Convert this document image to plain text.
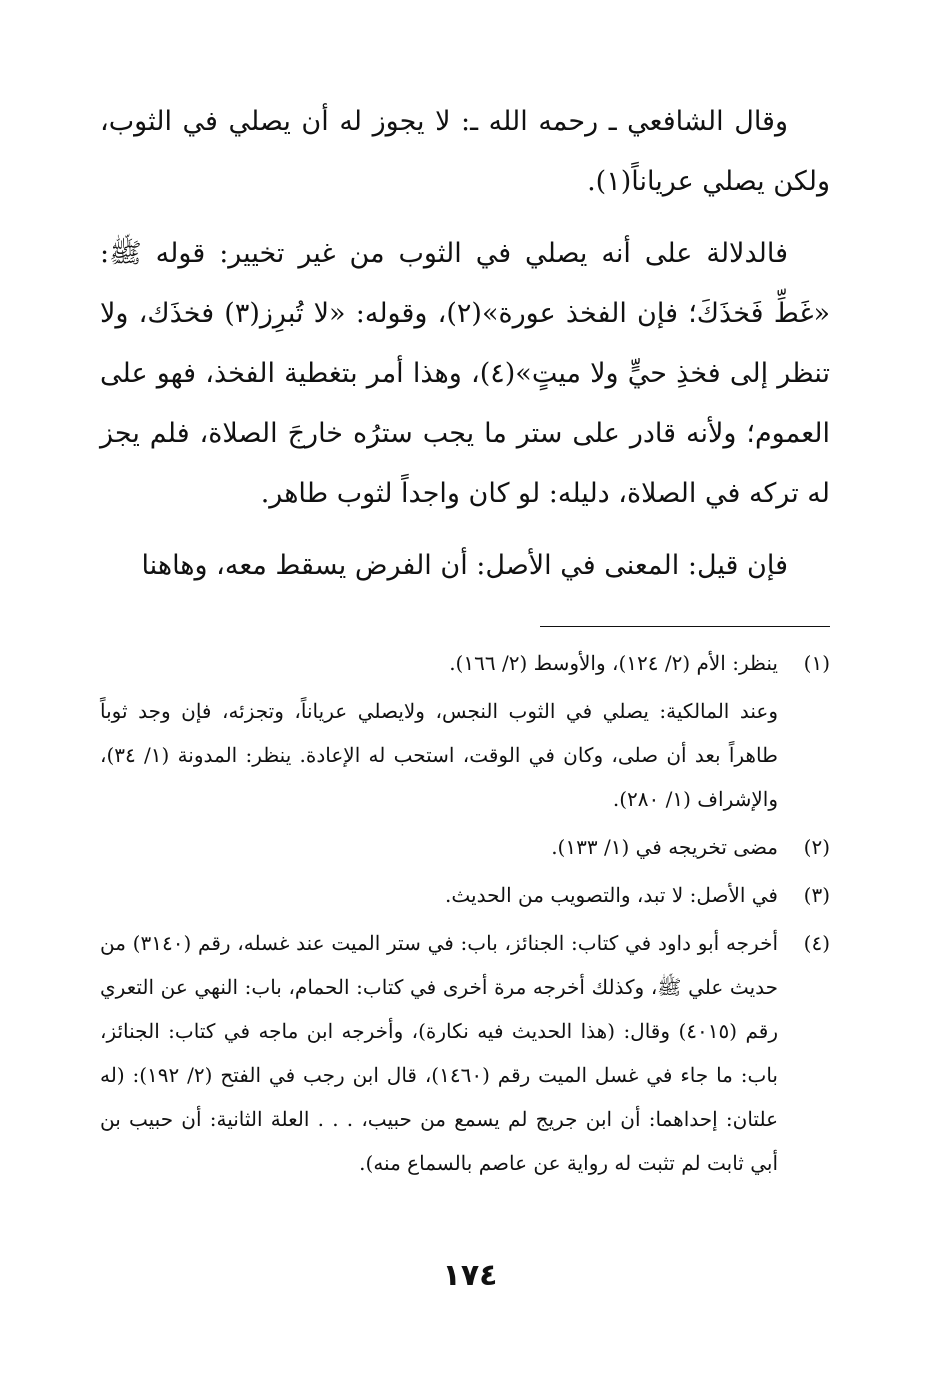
وقال الشافعي ـ رحمه الله ـ: لا يجوز له أن يصلي في الثوب، ولكن يصلي عرياناً(١).

فالدلالة على أنه يصلي في الثوب من غير تخيير: قوله ﷺ: «غَطِّ فَخذَكَ؛ فإن الفخذ عورة»(٢)، وقوله: «لا تُبرِز(٣) فخذَك، ولا تنظر إلى فخذِ حيٍّ ولا ميتٍ»(٤)، وهذا أمر بتغطية الفخذ، فهو على العموم؛ ولأنه قادر على ستر ما يجب سترُه خارجَ الصلاة، فلم يجز له تركه في الصلاة، دليله: لو كان واجداً لثوب طاهر.

فإن قيل: المعنى في الأصل: أن الفرض يسقط معه، وهاهنا

(١)
ينظر: الأم (٢/ ١٢٤)، والأوسط (٢/ ١٦٦).
وعند المالكية: يصلي في الثوب النجس، ولايصلي عرياناً، وتجزئه، فإن وجد ثوباً طاهراً بعد أن صلى، وكان في الوقت، استحب له الإعادة. ينظر: المدونة (١/ ٣٤)، والإشراف (١/ ٢٨٠).
(٢)
مضى تخريجه في (١/ ١٣٣).
(٣)
في الأصل: لا تبد، والتصويب من الحديث.
(٤)
أخرجه أبو داود في كتاب: الجنائز، باب: في ستر الميت عند غسله، رقم (٣١٤٠) من حديث علي ﷺ، وكذلك أخرجه مرة أخرى في كتاب: الحمام، باب: النهي عن التعري رقم (٤٠١٥) وقال: (هذا الحديث فيه نكارة)، وأخرجه ابن ماجه في كتاب: الجنائز، باب: ما جاء في غسل الميت رقم (١٤٦٠)، قال ابن رجب في الفتح (٢/ ١٩٢): (له علتان: إحداهما: أن ابن جريج لم يسمع من حبيب، . . . العلة الثانية: أن حبيب بن أبي ثابت لم تثبت له رواية عن عاصم بالسماع منه).
١٧٤
